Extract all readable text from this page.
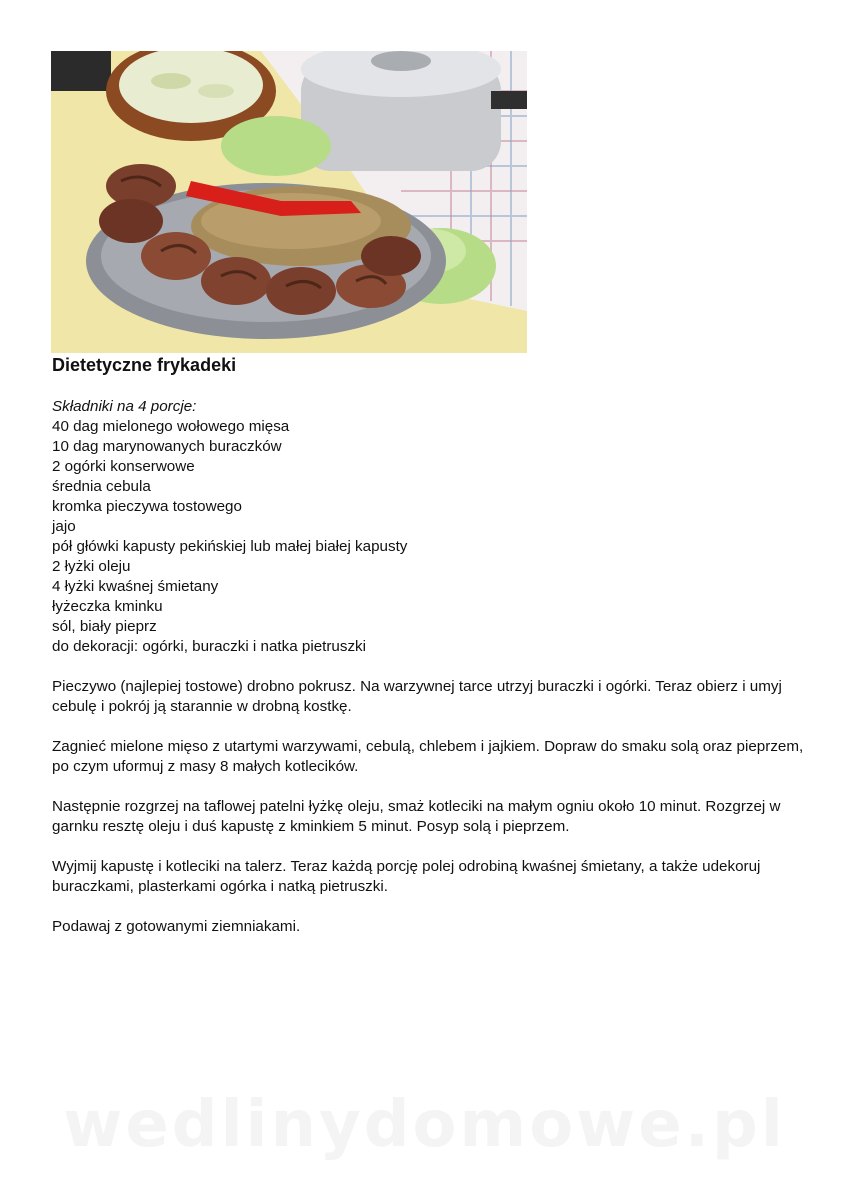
Dietetyczne frykadeki
Składniki na 4 porcje:
40 dag mielonego wołowego mięsa
10 dag marynowanych buraczków
2 ogórki konserwowe
średnia cebula
kromka pieczywa tostowego
jajo
pół główki kapusty pekińskiej lub małej białej kapusty
2 łyżki oleju
4 łyżki kwaśnej śmietany
łyżeczka kminku
sól, biały pieprz
do dekoracji: ogórki, buraczki i natka pietruszki

Pieczywo (najlepiej tostowe) drobno pokrusz. Na warzywnej tarce utrzyj buraczki i ogórki. Teraz obierz i umyj cebulę i pokrój ją starannie w drobną kostkę.

Zagnieć mielone mięso z utartymi warzywami, cebulą, chlebem i jajkiem. Dopraw do smaku solą oraz pieprzem, po czym uformuj z masy 8 małych kotlecików.

Następnie rozgrzej na taflowej patelni łyżkę oleju, smaż kotleciki na małym ogniu około 10 minut. Rozgrzej w garnku resztę oleju i duś kapustę z kminkiem 5 minut. Posyp solą i pieprzem.

Wyjmij kapustę i kotleciki na talerz. Teraz każdą porcję polej odrobiną kwaśnej śmietany, a także udekoruj buraczkami, plasterkami ogórka i natką pietruszki.

Podawaj z gotowanymi ziemniakami.

wedlinydomowe.pl
